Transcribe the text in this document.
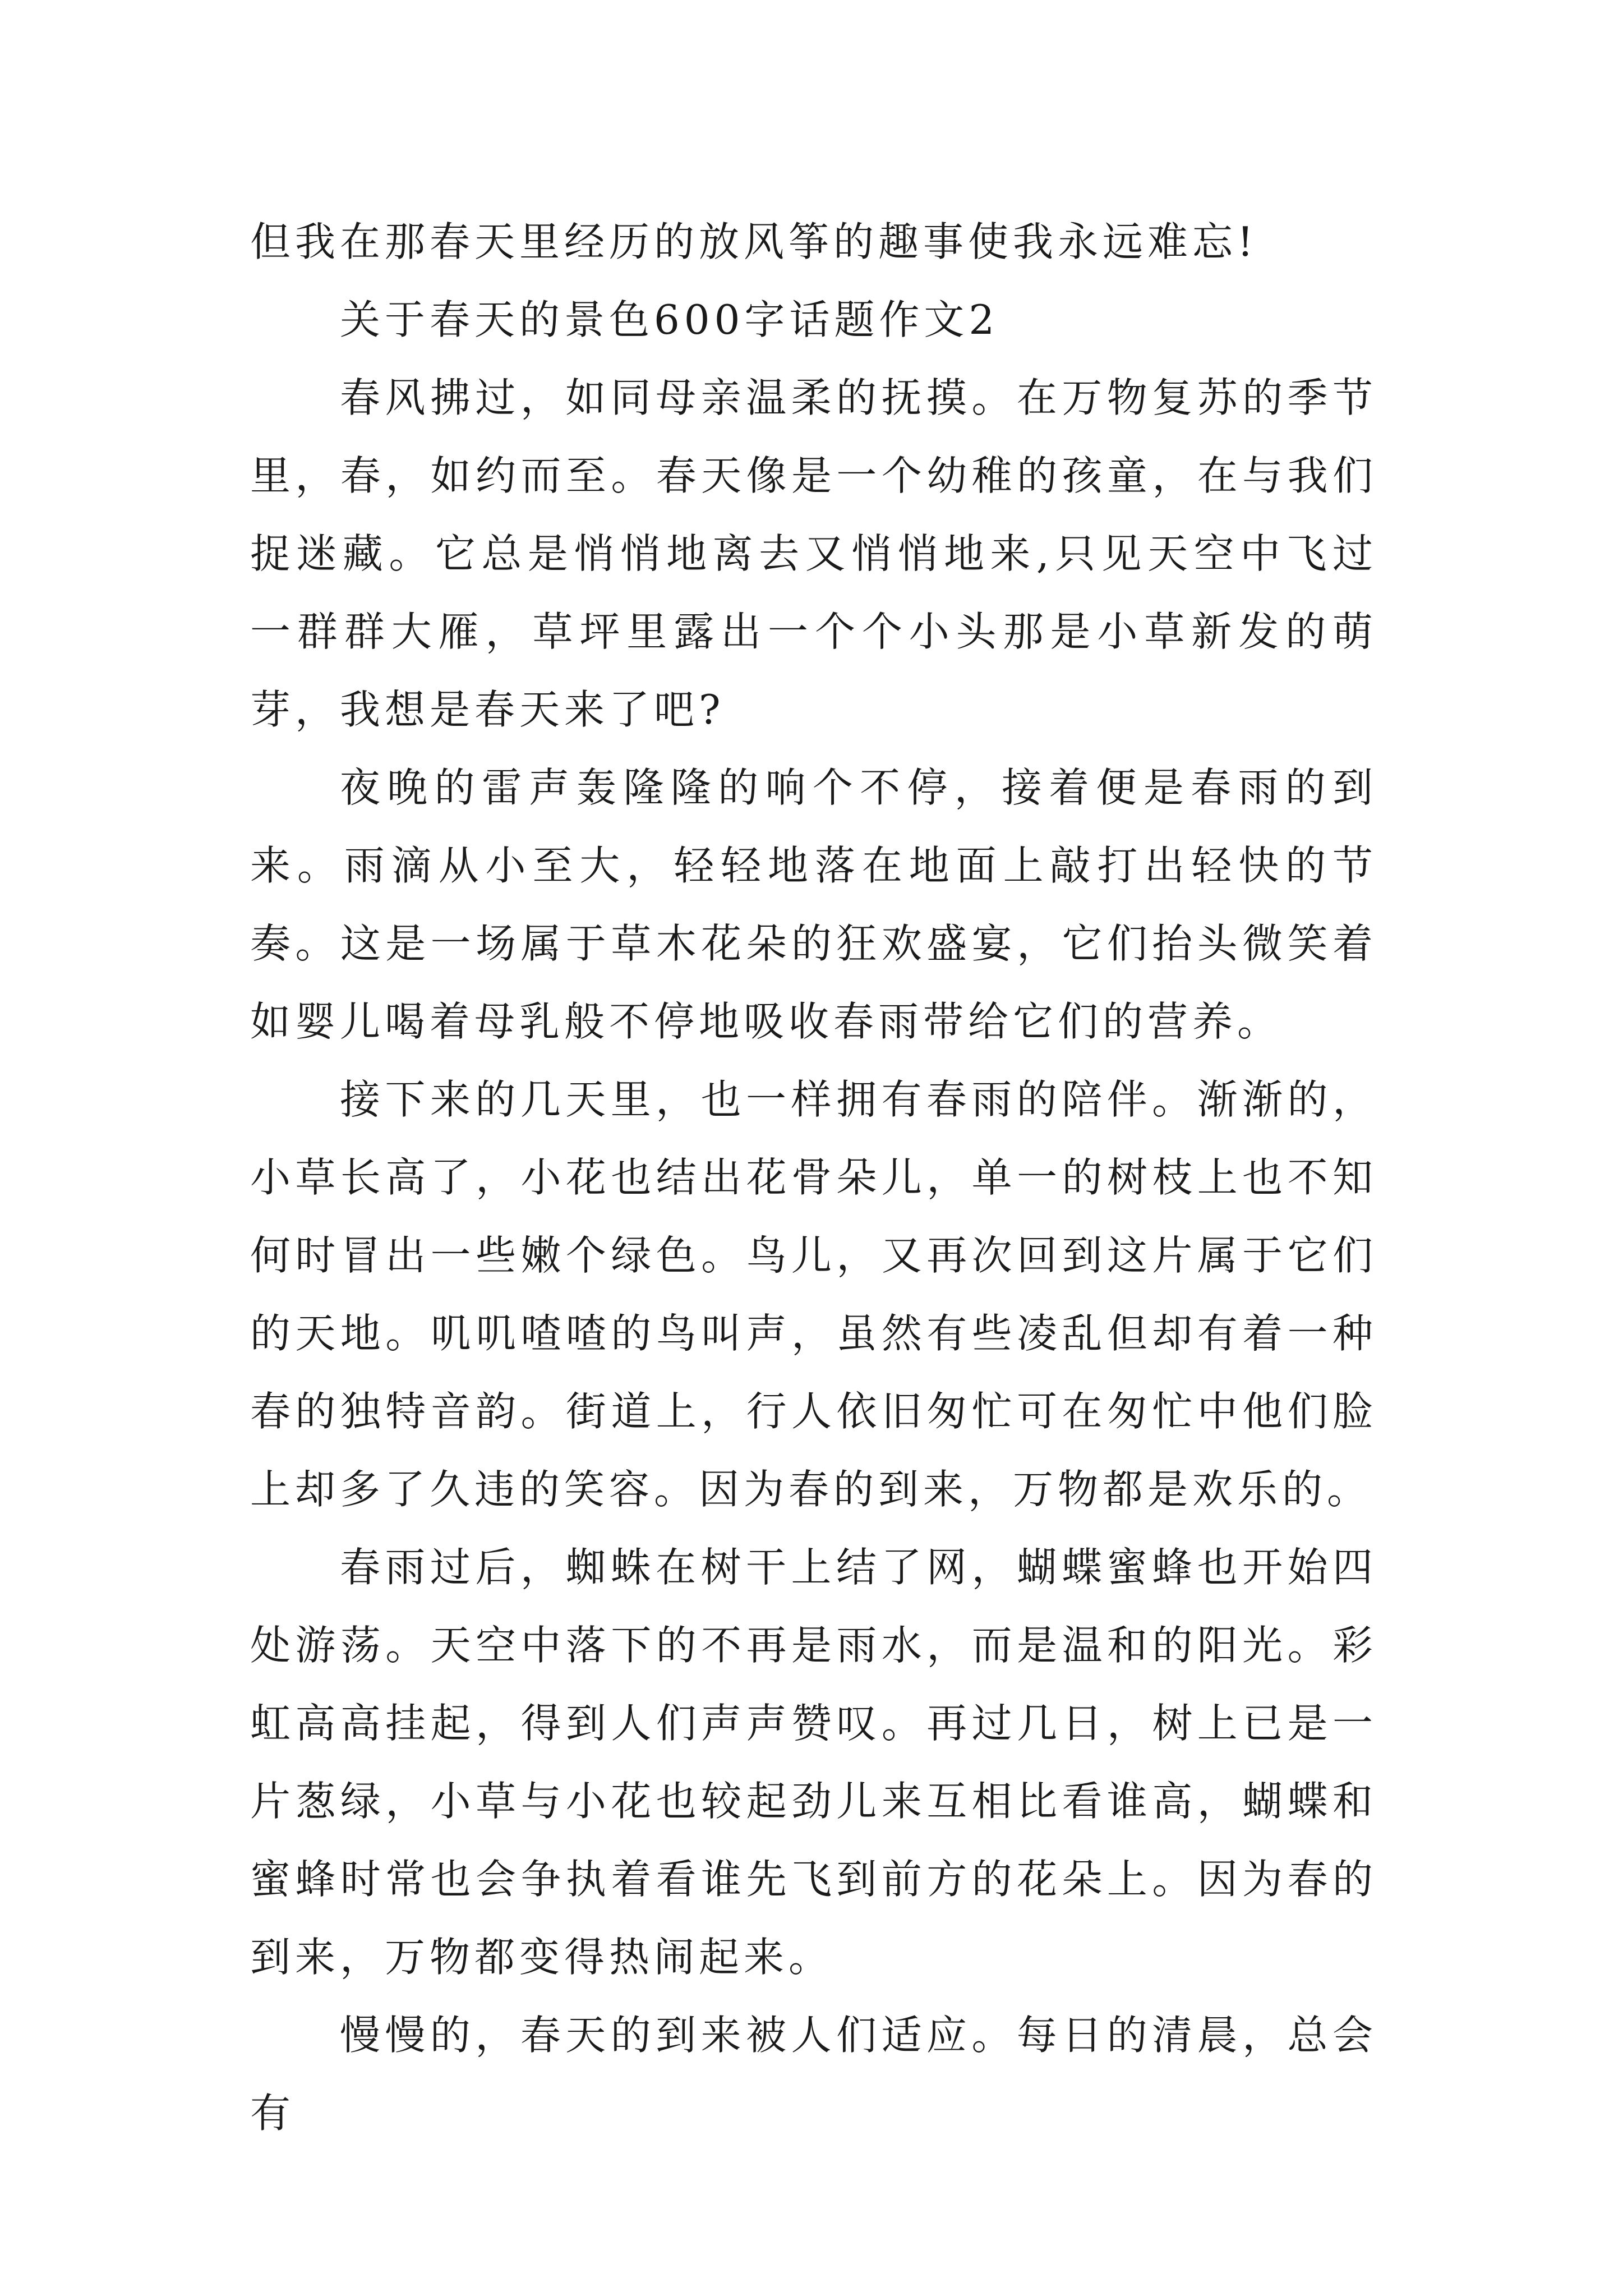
但我在那春天里经历的放风筝的趣事使我永远难忘!

关于春天的景色600字话题作文2

春风拂过，如同母亲温柔的抚摸。在万物复苏的季节里，春，如约而至。春天像是一个幼稚的孩童，在与我们捉迷藏。它总是悄悄地离去又悄悄地来,只见天空中飞过一群群大雁，草坪里露出一个个小头那是小草新发的萌芽，我想是春天来了吧?

夜晚的雷声轰隆隆的响个不停，接着便是春雨的到来。雨滴从小至大，轻轻地落在地面上敲打出轻快的节奏。这是一场属于草木花朵的狂欢盛宴，它们抬头微笑着如婴儿喝着母乳般不停地吸收春雨带给它们的营养。

接下来的几天里，也一样拥有春雨的陪伴。渐渐的，小草长高了，小花也结出花骨朵儿，单一的树枝上也不知何时冒出一些嫩个绿色。鸟儿，又再次回到这片属于它们的天地。叽叽喳喳的鸟叫声，虽然有些凌乱但却有着一种春的独特音韵。街道上，行人依旧匆忙可在匆忙中他们脸上却多了久违的笑容。因为春的到来，万物都是欢乐的。

春雨过后，蜘蛛在树干上结了网，蝴蝶蜜蜂也开始四处游荡。天空中落下的不再是雨水，而是温和的阳光。彩虹高高挂起，得到人们声声赞叹。再过几日，树上已是一片葱绿，小草与小花也较起劲儿来互相比看谁高，蝴蝶和蜜蜂时常也会争执着看谁先飞到前方的花朵上。因为春的到来，万物都变得热闹起来。

慢慢的，春天的到来被人们适应。每日的清晨，总会有
